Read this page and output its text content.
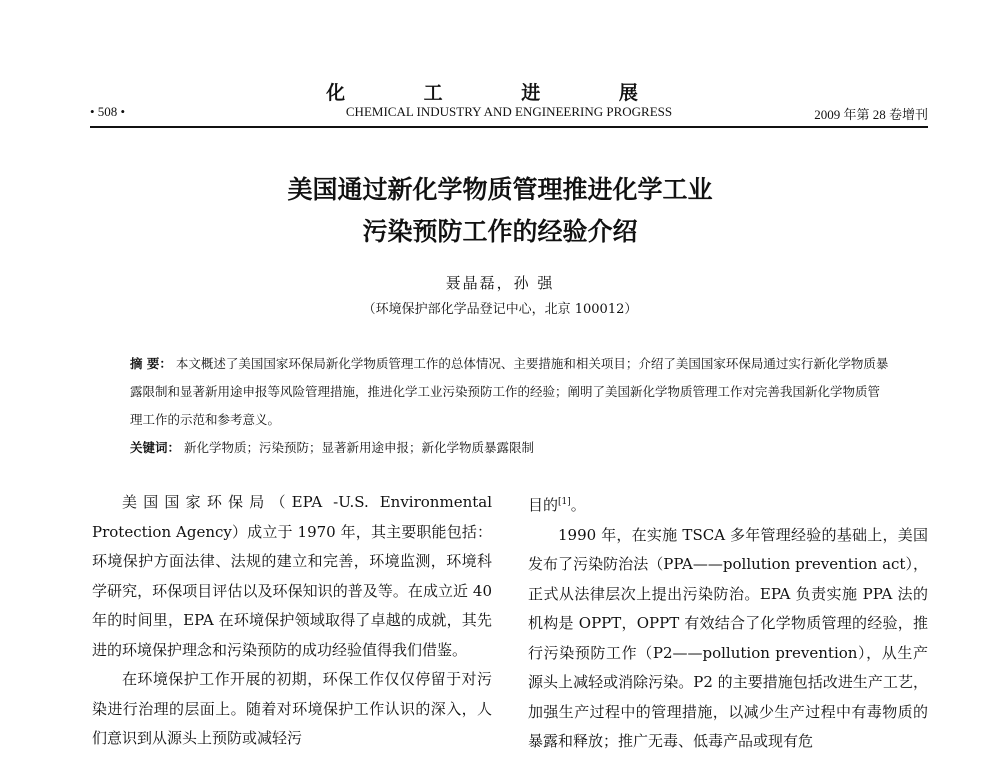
化 工 进 展
• 508 •	CHEMICAL INDUSTRY AND ENGINEERING PROGRESS	2009 年第 28 卷增刊
美国通过新化学物质管理推进化学工业
污染预防工作的经验介绍
聂晶磊，孙 强
（环境保护部化学品登记中心，北京 100012）

摘 要： 本文概述了美国国家环保局新化学物质管理工作的总体情况、主要措施和相关项目；介绍了美国国家环保局通过实行新化学物质暴露限制和显著新用途申报等风险管理措施，推进化学工业污染预防工作的经验；阐明了美国新化学物质管理工作对完善我国新化学物质管理工作的示范和参考意义。

关键词： 新化学物质；污染预防；显著新用途申报；新化学物质暴露限制

美国国家环保局（EPA -U.S. Environmental Protection Agency）成立于 1970 年，其主要职能包括：环境保护方面法律、法规的建立和完善，环境监测，环境科学研究，环保项目评估以及环保知识的普及等。在成立近 40 年的时间里，EPA 在环境保护领域取得了卓越的成就，其先进的环境保护理念和污染预防的成功经验值得我们借鉴。

在环境保护工作开展的初期，环保工作仅仅停留于对污染进行治理的层面上。随着对环境保护工作认识的深入，人们意识到从源头上预防或减轻污

目的[1]。

1990 年，在实施 TSCA 多年管理经验的基础上，美国发布了污染防治法（PPA——pollution prevention act），正式从法律层次上提出污染防治。EPA 负责实施 PPA 法的机构是 OPPT，OPPT 有效结合了化学物质管理的经验，推行污染预防工作（P2——pollution prevention），从生产源头上减轻或消除污染。P2 的主要措施包括改进生产工艺，加强生产过程中的管理措施，以减少生产过程中有毒物质的暴露和释放；推广无毒、低毒产品或现有危
